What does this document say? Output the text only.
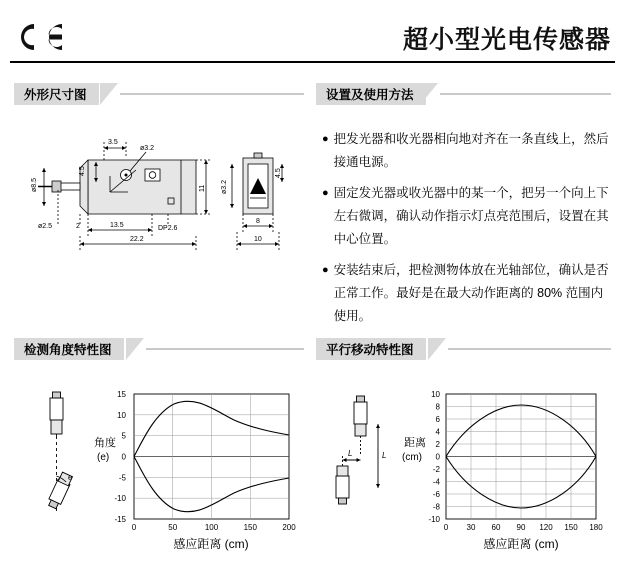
超小型光电传感器
外形尺寸图	设置及使用方法
3.5
ø3.2
4.5
ø8.5	11
ø2.5	2	13.5	DP2.6
22.2
4.5
ø3.2
8
10
● 把发光器和收光器相向地对齐在一条直线上，然后接通电源。
● 固定发光器或收光器中的某一个，把另一个向上下左右微调，确认动作指示灯点亮范围后，设置在其中心位置。
● 安装结束后，把检测物体放在光轴部位，确认是否正常工作。最好是在最大动作距离的 80% 范围内使用。
检测角度特性图	平行移动特性图
e
角度
(e)
15
10
5
0
-5
-10
-15
0	50	100	150	200
感应距离 (cm)
L	L
距离
(cm)
10
8
6
4
2
0
-2
-4
-6
-8
-10
0 30 60 90 120 150 180
感应距离 (cm)
